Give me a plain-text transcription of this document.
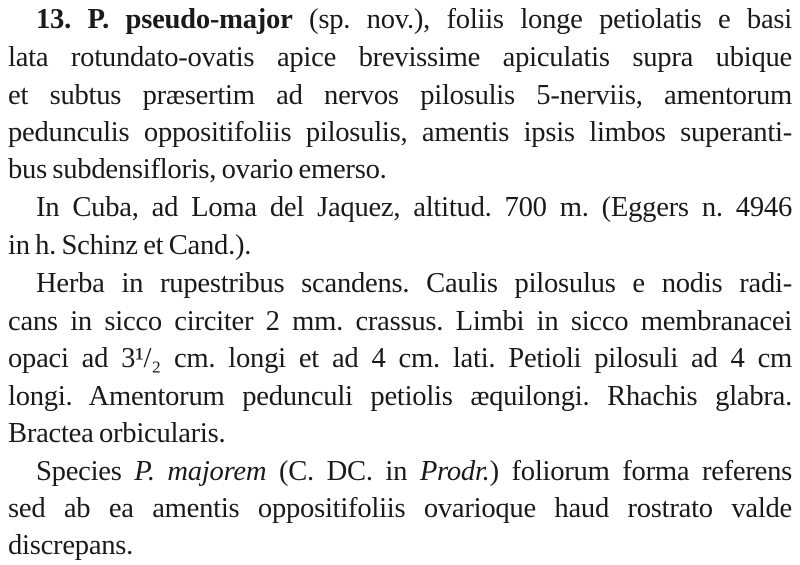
13. P. pseudo-major (sp. nov.), foliis longe petiolatis e basi
lata rotundato-ovatis apice brevissime apiculatis supra ubique
et subtus præsertim ad nervos pilosulis 5-nerviis, amentorum
pedunculis oppositifoliis pilosulis, amentis ipsis limbos superanti-
bus subdensifloris, ovario emerso.
In Cuba, ad Loma del Jaquez, altitud. 700 m. (Eggers n. 4946
in h. Schinz et Cand.).
Herba in rupestribus scandens. Caulis pilosulus e nodis radi-
cans in sicco circiter 2 mm. crassus. Limbi in sicco membranacei
opaci ad 3¹/₂ cm. longi et ad 4 cm. lati. Petioli pilosuli ad 4 cm
longi. Amentorum pedunculi petiolis æquilongi. Rhachis glabra.
Bractea orbicularis.
Species P. majorem (C. DC. in Prodr.) foliorum forma referens
sed ab ea amentis oppositifoliis ovarioque haud rostrato valde
discrepans.
